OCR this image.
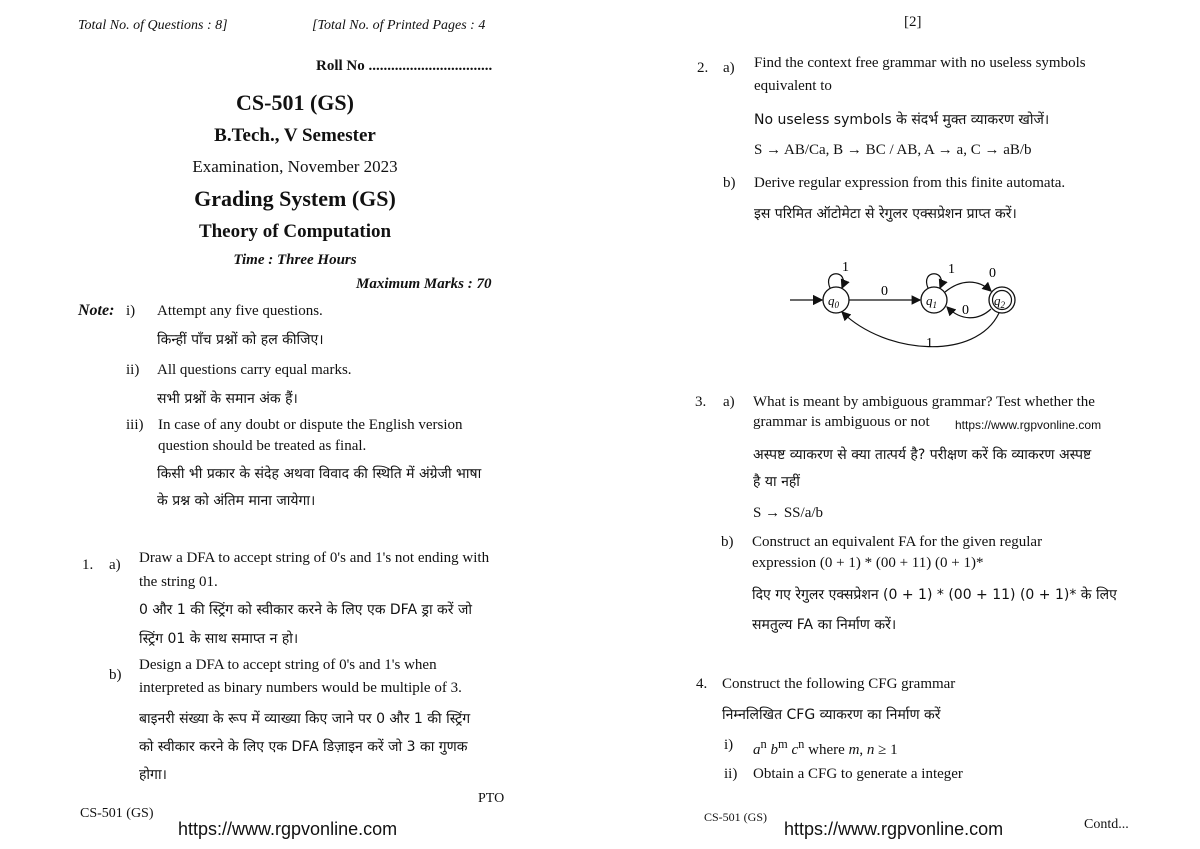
Total No. of Questions : 8]	[Total No. of Printed Pages : 4
Roll No .................................
CS-501 (GS)
B.Tech., V Semester
Examination, November 2023
Grading System (GS)
Theory of Computation
Time : Three Hours
Maximum Marks : 70
Note: i) Attempt any five questions.
किन्हीं पाँच प्रश्नों को हल कीजिए।
ii) All questions carry equal marks.
सभी प्रश्नों के समान अंक हैं।
iii) In case of any doubt or dispute the English version
question should be treated as final.
किसी भी प्रकार के संदेह अथवा विवाद की स्थिति में अंग्रेजी भाषा
के प्रश्न को अंतिम माना जायेगा।
1. a) Draw a DFA to accept string of 0's and 1's not ending with
the string 01.
0 और 1 की स्ट्रिंग को स्वीकार करने के लिए एक DFA ड्रा करें जो
स्ट्रिंग 01 के साथ समाप्त न हो।
b)
Design a DFA to accept string of 0's and 1's when
interpreted as binary numbers would be multiple of 3.
बाइनरी संख्या के रूप में व्याख्या किए जाने पर 0 और 1 की स्ट्रिंग
को स्वीकार करने के लिए एक DFA डिज़ाइन करें जो 3 का गुणक
होगा।
PTO
CS-501 (GS)
https://www.rgpvonline.com
[2]
2. a) Find the context free grammar with no useless symbols
equivalent to
No useless symbols के संदर्भ मुक्त व्याकरण खोजें।
S → AB/Ca, B → BC / AB, A → a, C → aB/b
b) Derive regular expression from this finite automata.
इस परिमित ऑटोमेटा से रेगुलर एक्सप्रेशन प्राप्त करें।
$q_0$	$q_1$	$q_2$
1
0
1 0
0
1
3. a) What is meant by ambiguous grammar? Test whether the
grammar is ambiguous or not https://www.rgpvonline.com
अस्पष्ट व्याकरण से क्या तात्पर्य है? परीक्षण करें कि व्याकरण अस्पष्ट
है या नहीं
S → SS/a/b
b) Construct an equivalent FA for the given regular
expression (0 + 1) * (00 + 11) (0 + 1)*
दिए गए रेगुलर एक्सप्रेशन (0 + 1) * (00 + 11) (0 + 1)* के लिए
समतुल्य FA का निर्माण करें।
4. Construct the following CFG grammar
निम्नलिखित CFG व्याकरण का निर्माण करें
i) $a^n$ $b^m$ $c^n$ where m, n ≥ 1
ii) Obtain a CFG to generate a integer
CS-501 (GS)
https://www.rgpvonline.com	Contd...
